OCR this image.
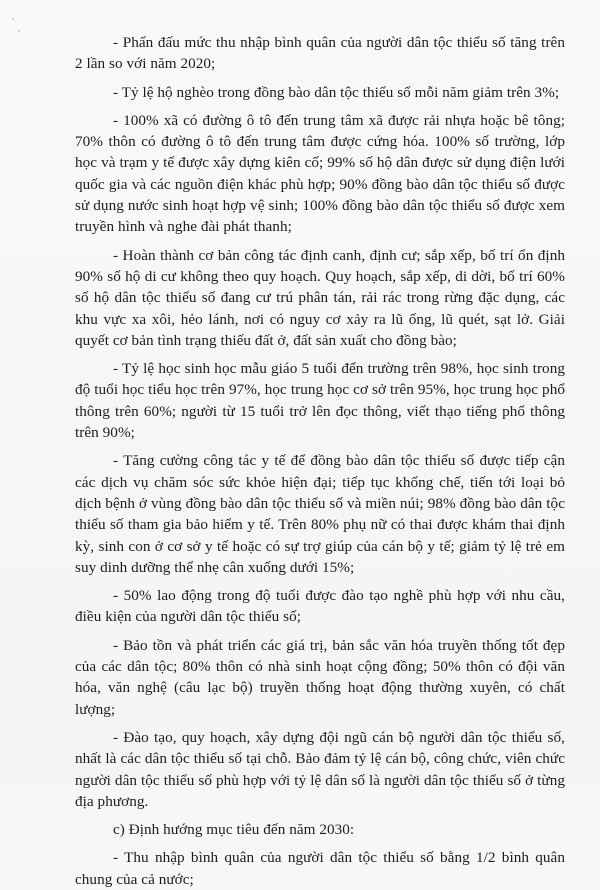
- Phấn đấu mức thu nhập bình quân của người dân tộc thiểu số tăng trên 2 lần so với năm 2020;

- Tỷ lệ hộ nghèo trong đồng bào dân tộc thiểu số mỗi năm giảm trên 3%;

- 100% xã có đường ô tô đến trung tâm xã được rải nhựa hoặc bê tông; 70% thôn có đường ô tô đến trung tâm được cứng hóa. 100% số trường, lớp học và trạm y tế được xây dựng kiên cố; 99% số hộ dân được sử dụng điện lưới quốc gia và các nguồn điện khác phù hợp; 90% đồng bào dân tộc thiểu số được sử dụng nước sinh hoạt hợp vệ sinh; 100% đồng bào dân tộc thiểu số được xem truyền hình và nghe đài phát thanh;

- Hoàn thành cơ bản công tác định canh, định cư; sắp xếp, bố trí ổn định 90% số hộ di cư không theo quy hoạch. Quy hoạch, sắp xếp, di dời, bố trí 60% số hộ dân tộc thiểu số đang cư trú phân tán, rải rác trong rừng đặc dụng, các khu vực xa xôi, hẻo lánh, nơi có nguy cơ xảy ra lũ ống, lũ quét, sạt lở. Giải quyết cơ bản tình trạng thiếu đất ở, đất sản xuất cho đồng bào;

- Tỷ lệ học sinh học mẫu giáo 5 tuổi đến trường trên 98%, học sinh trong độ tuổi học tiểu học trên 97%, học trung học cơ sở trên 95%, học trung học phổ thông trên 60%; người từ 15 tuổi trở lên đọc thông, viết thạo tiếng phổ thông trên 90%;

- Tăng cường công tác y tế để đồng bào dân tộc thiểu số được tiếp cận các dịch vụ chăm sóc sức khỏe hiện đại; tiếp tục khống chế, tiến tới loại bỏ dịch bệnh ở vùng đồng bào dân tộc thiểu số và miền núi; 98% đồng bào dân tộc thiểu số tham gia bảo hiểm y tế. Trên 80% phụ nữ có thai được khám thai định kỳ, sinh con ở cơ sở y tế hoặc có sự trợ giúp của cán bộ y tế; giảm tỷ lệ trẻ em suy dinh dưỡng thể nhẹ cân xuống dưới 15%;

- 50% lao động trong độ tuổi được đào tạo nghề phù hợp với nhu cầu, điều kiện của người dân tộc thiểu số;

- Bảo tồn và phát triển các giá trị, bản sắc văn hóa truyền thống tốt đẹp của các dân tộc; 80% thôn có nhà sinh hoạt cộng đồng; 50% thôn có đội văn hóa, văn nghệ (câu lạc bộ) truyền thống hoạt động thường xuyên, có chất lượng;

- Đào tạo, quy hoạch, xây dựng đội ngũ cán bộ người dân tộc thiểu số, nhất là các dân tộc thiểu số tại chỗ. Bảo đảm tỷ lệ cán bộ, công chức, viên chức người dân tộc thiểu số phù hợp với tỷ lệ dân số là người dân tộc thiểu số ở từng địa phương.

c) Định hướng mục tiêu đến năm 2030:

- Thu nhập bình quân của người dân tộc thiểu số bằng 1/2 bình quân chung của cả nước;
